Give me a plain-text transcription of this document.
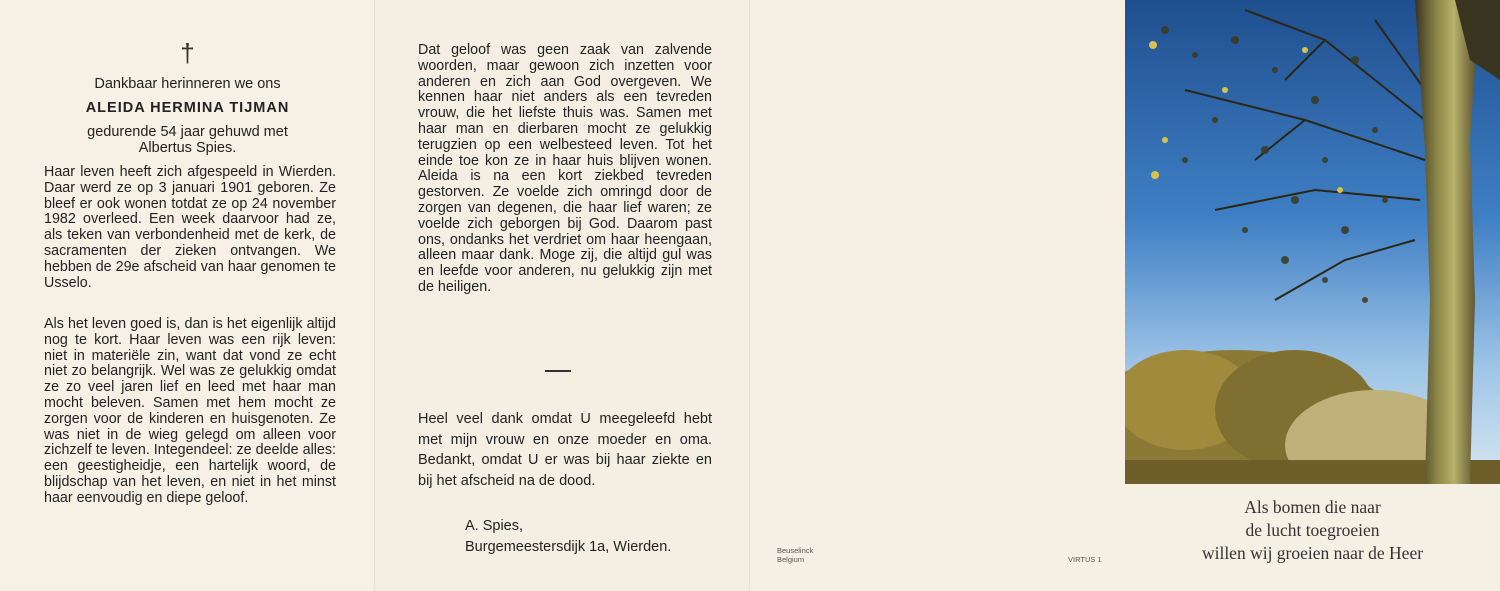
†
Dankbaar herinneren we ons
ALEIDA HERMINA TIJMAN
gedurende 54 jaar gehuwd met
Albertus Spies.

Haar leven heeft zich afgespeeld in Wierden. Daar werd ze op 3 januari 1901 geboren. Ze bleef er ook wonen totdat ze op 24 november 1982 overleed. Een week daarvoor had ze, als teken van verbondenheid met de kerk, de sacramenten der zieken ontvangen. We hebben de 29e afscheid van haar genomen te Usselo.

Als het leven goed is, dan is het eigenlijk altijd nog te kort. Haar leven was een rijk leven: niet in materiële zin, want dat vond ze echt niet zo belangrijk. Wel was ze gelukkig omdat ze zo veel jaren lief en leed met haar man mocht beleven. Samen met hem mocht ze zorgen voor de kinderen en huisgenoten. Ze was niet in de wieg gelegd om alleen voor zichzelf te leven. Integendeel: ze deelde alles: een geestigheidje, een hartelijk woord, de blijdschap van het leven, en niet in het minst haar eenvoudig en diepe geloof.

Dat geloof was geen zaak van zalvende woorden, maar gewoon zich inzetten voor anderen en zich aan God overgeven. We kennen haar niet anders als een tevreden vrouw, die het liefste thuis was. Samen met haar man en dierbaren mocht ze gelukkig terugzien op een welbesteed leven. Tot het einde toe kon ze in haar huis blijven wonen. Aleida is na een kort ziekbed tevreden gestorven. Ze voelde zich omringd door de zorgen van degenen, die haar lief waren; ze voelde zich geborgen bij God. Daarom past ons, ondanks het verdriet om haar heengaan, alleen maar dank. Moge zij, die altijd gul was en leefde voor anderen, nu gelukkig zijn met de heiligen.

Heel veel dank omdat U meegeleefd hebt met mijn vrouw en onze moeder en oma. Bedankt, omdat U er was bij haar ziekte en bij het afscheid na de dood.

A. Spies,
Burgemeestersdijk 1a, Wierden.	Beuselinck
Belgium	VIRTUS 1
Als bomen die naar
de lucht toegroeien
willen wij groeien naar de Heer
